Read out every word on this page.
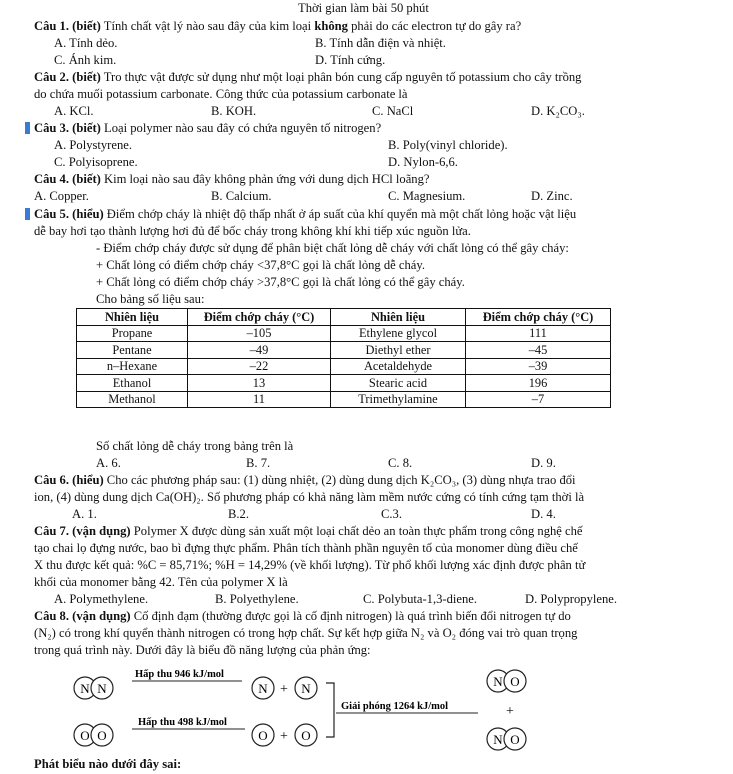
Thời gian làm bài 50 phút
Câu 1. (biết) Tính chất vật lý nào sau đây của kim loại không phải do các electron tự do gây ra?
A. Tính dẻo.	B. Tính dẫn điện và nhiệt.
C. Ánh kim.	D. Tính cứng.
Câu 2. (biết) Tro thực vật được sử dụng như một loại phân bón cung cấp nguyên tố potassium cho cây trồng
do chứa muối potassium carbonate. Công thức của potassium carbonate là
A. KCl.	B. KOH.	C. NaCl	D. K₂CO₃.
Câu 3. (biết) Loại polymer nào sau đây có chứa nguyên tố nitrogen?
A. Polystyrene.	B. Poly(vinyl chloride).
C. Polyisoprene.	D. Nylon-6,6.
Câu 4. (biết) Kim loại nào sau đây không phản ứng với dung dịch HCl loãng?
A. Copper.	B. Calcium.	C. Magnesium.	D. Zinc.
Câu 5. (hiểu) Điểm chớp cháy là nhiệt độ thấp nhất ở áp suất của khí quyển mà một chất lỏng hoặc vật liệu
dễ bay hơi tạo thành lượng hơi đủ để bốc cháy trong không khí khi tiếp xúc nguồn lửa.
- Điểm chớp cháy được sử dụng để phân biệt chất lỏng dễ cháy với chất lỏng có thể gây cháy:
+ Chất lỏng có điểm chớp cháy <37,8°C gọi là chất lỏng dễ cháy.
+ Chất lỏng có điểm chớp cháy >37,8°C gọi là chất lỏng có thể gây cháy.
Cho bảng số liệu sau:
Nhiên liệu	Điểm chớp cháy (°C)	Nhiên liệu	Điểm chớp cháy (°C)
Propane	–105	Ethylene glycol	111
Pentane	–49	Diethyl ether	–45
n–Hexane	–22	Acetaldehyde	–39
Ethanol	13	Stearic acid	196
Methanol	11	Trimethylamine	–7
Số chất lỏng dễ cháy trong bảng trên là
A. 6.	B. 7.	C. 8.	D. 9.
Câu 6. (hiểu) Cho các phương pháp sau: (1) dùng nhiệt, (2) dùng dung dịch K₂CO₃, (3) dùng nhựa trao đổi
ion, (4) dùng dung dịch Ca(OH)₂. Số phương pháp có khả năng làm mềm nước cứng có tính cứng tạm thời là
A. 1.	B.2.	C.3.	D. 4.
Câu 7. (vận dụng) Polymer X được dùng sản xuất một loại chất dẻo an toàn thực phẩm trong công nghệ chế
tạo chai lọ đựng nước, bao bì đựng thực phẩm. Phân tích thành phần nguyên tố của monomer dùng điều chế
X thu được kết quả: %C = 85,71%; %H = 14,29% (về khối lượng). Từ phổ khối lượng xác định được phân tử
khối của monomer bằng 42. Tên của polymer X là
A. Polymethylene.	B. Polyethylene.	C. Polybuta-1,3-diene.	D. Polypropylene.
Câu 8. (vận dụng) Cố định đạm (thường được gọi là cố định nitrogen) là quá trình biến đổi nitrogen tự do
(N₂) có trong khí quyển thành nitrogen có trong hợp chất. Sự kết hợp giữa N₂ và O₂ đóng vai trò quan trọng
trong quá trình này. Dưới đây là biểu đồ năng lượng của phản ứng:
N N
O O
Hấp thu 946 kJ/mol
Hấp thu 498 kJ/mol
N + N
O + O
Giải phóng 1264 kJ/mol
N O
+
N O
Phát biểu nào dưới đây sai:
